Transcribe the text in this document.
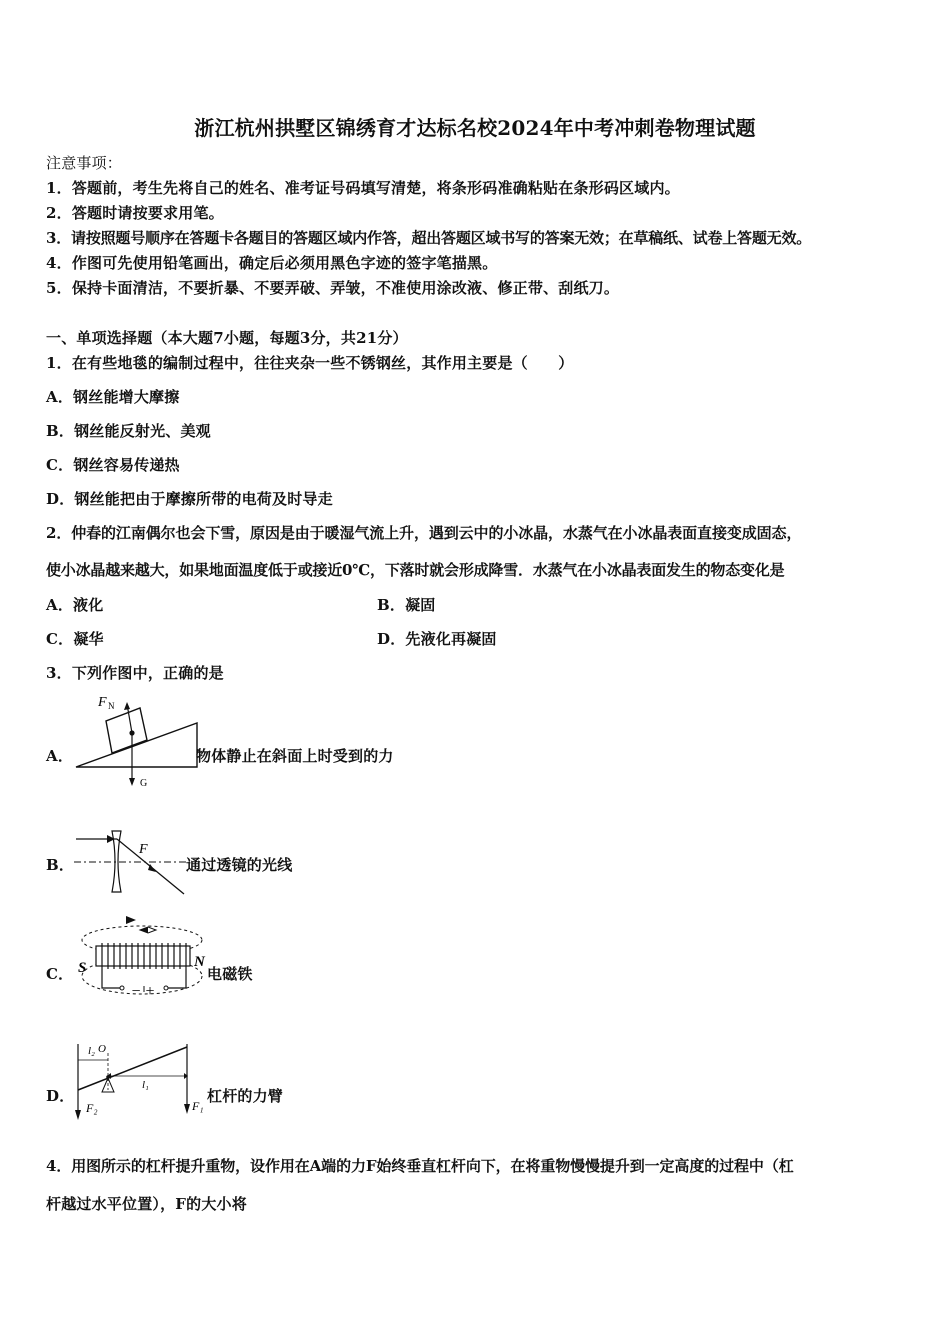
浙江杭州拱墅区锦绣育才达标名校2024年中考冲刺卷物理试题
注意事项：
1．答题前，考生先将自己的姓名、准考证号码填写清楚，将条形码准确粘贴在条形码区域内。
2．答题时请按要求用笔。
3．请按照题号顺序在答题卡各题目的答题区域内作答，超出答题区域书写的答案无效；在草稿纸、试卷上答题无效。
4．作图可先使用铅笔画出，确定后必须用黑色字迹的签字笔描黑。
5．保持卡面清洁，不要折暴、不要弄破、弄皱，不准使用涂改液、修正带、刮纸刀。
一、单项选择题（本大题7小题，每题3分，共21分）
1．在有些地毯的编制过程中，往往夹杂一些不锈钢丝，其作用主要是（　　）
A．钢丝能增大摩擦
B．钢丝能反射光、美观
C．钢丝容易传递热
D．钢丝能把由于摩擦所带的电荷及时导走
2．仲春的江南偶尔也会下雪，原因是由于暖湿气流上升，遇到云中的小冰晶，水蒸气在小冰晶表面直接变成固态，
使小冰晶越来越大，如果地面温度低于或接近0℃，下落时就会形成降雪．水蒸气在小冰晶表面发生的物态变化是
A．液化	B．凝固
C．凝华	D．先液化再凝固
3．下列作图中，正确的是
A．
F N
G
物体静止在斜面上时受到的力
B．
F
通过透镜的光线
C．
− +
S	N
电磁铁
D．
O
l₂
l₁
F₂	F₁
杠杆的力臂
4．用图所示的杠杆提升重物，设作用在A端的力F始终垂直杠杆向下，在将重物慢慢提升到一定高度的过程中（杠
杆越过水平位置），F的大小将
